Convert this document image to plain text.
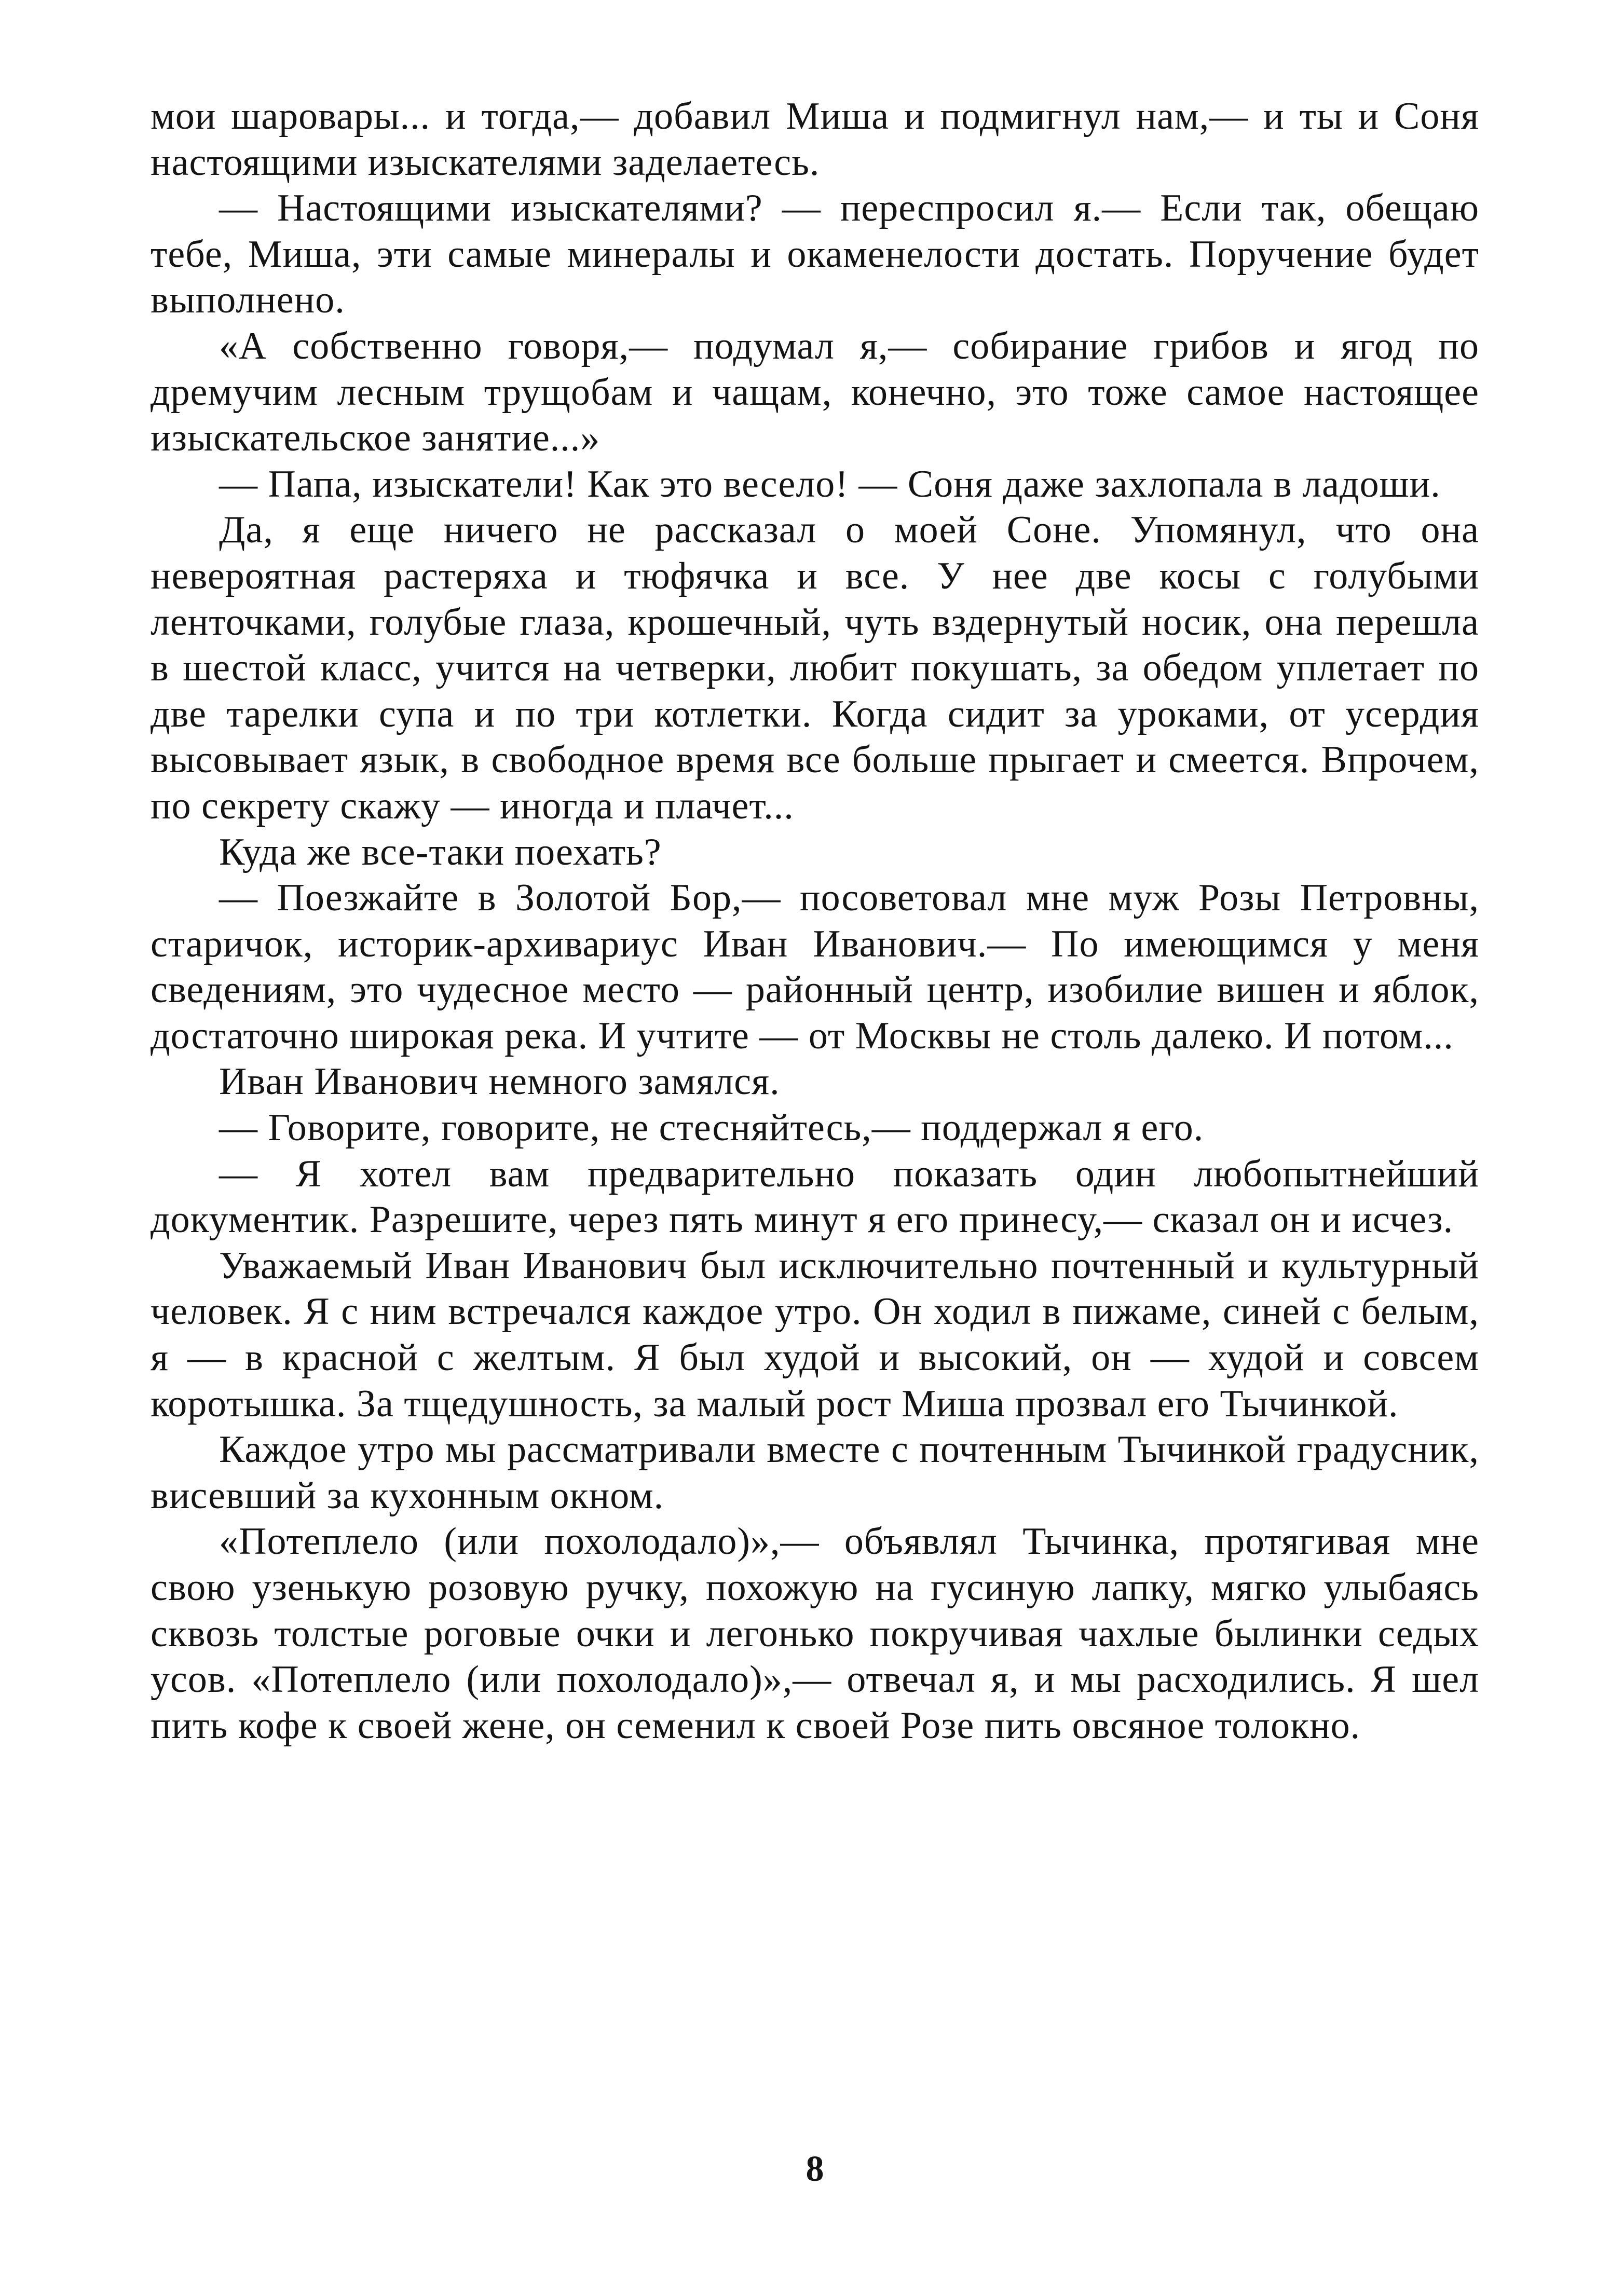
мои шаровары... и тогда,— добавил Миша и подмигнул нам,— и ты и Соня настоящими изыскателями заделаетесь.

— Настоящими изыскателями? — переспросил я.— Если так, обещаю тебе, Миша, эти самые минералы и окаменелости достать. Поручение будет выполнено.

«А собственно говоря,— подумал я,— собирание грибов и ягод по дремучим лесным трущобам и чащам, конечно, это тоже самое настоящее изыскательское занятие...»

— Папа, изыскатели! Как это весело! — Соня даже захлопала в ладоши.

Да, я еще ничего не рассказал о моей Соне. Упомянул, что она невероятная растеряха и тюфячка и все. У нее две косы с голубыми ленточками, голубые глаза, крошечный, чуть вздернутый носик, она перешла в шестой класс, учится на четверки, любит покушать, за обедом уплетает по две тарелки супа и по три котлетки. Когда сидит за уроками, от усердия высовывает язык, в свободное время все больше прыгает и смеется. Впрочем, по секрету скажу — иногда и плачет...

Куда же все-таки поехать?

— Поезжайте в Золотой Бор,— посоветовал мне муж Розы Петровны, старичок, историк-архивариус Иван Иванович.— По имеющимся у меня сведениям, это чудесное место — районный центр, изобилие вишен и яблок, достаточно широкая река. И учтите — от Москвы не столь далеко. И потом...

Иван Иванович немного замялся.

— Говорите, говорите, не стесняйтесь,— поддержал я его.

— Я хотел вам предварительно показать один любопытнейший документик. Разрешите, через пять минут я его принесу,— сказал он и исчез.

Уважаемый Иван Иванович был исключительно почтенный и культурный человек. Я с ним встречался каждое утро. Он ходил в пижаме, синей с белым, я — в красной с желтым. Я был худой и высокий, он — худой и совсем коротышка. За тщедушность, за малый рост Миша прозвал его Тычинкой.

Каждое утро мы рассматривали вместе с почтенным Тычинкой градусник, висевший за кухонным окном.

«Потеплело (или похолодало)»,— объявлял Тычинка, протягивая мне свою узенькую розовую ручку, похожую на гусиную лапку, мягко улыбаясь сквозь толстые роговые очки и легонько покручивая чахлые былинки седых усов. «Потеплело (или похолодало)»,— отвечал я, и мы расходились. Я шел пить кофе к своей жене, он семенил к своей Розе пить овсяное толокно.

8
